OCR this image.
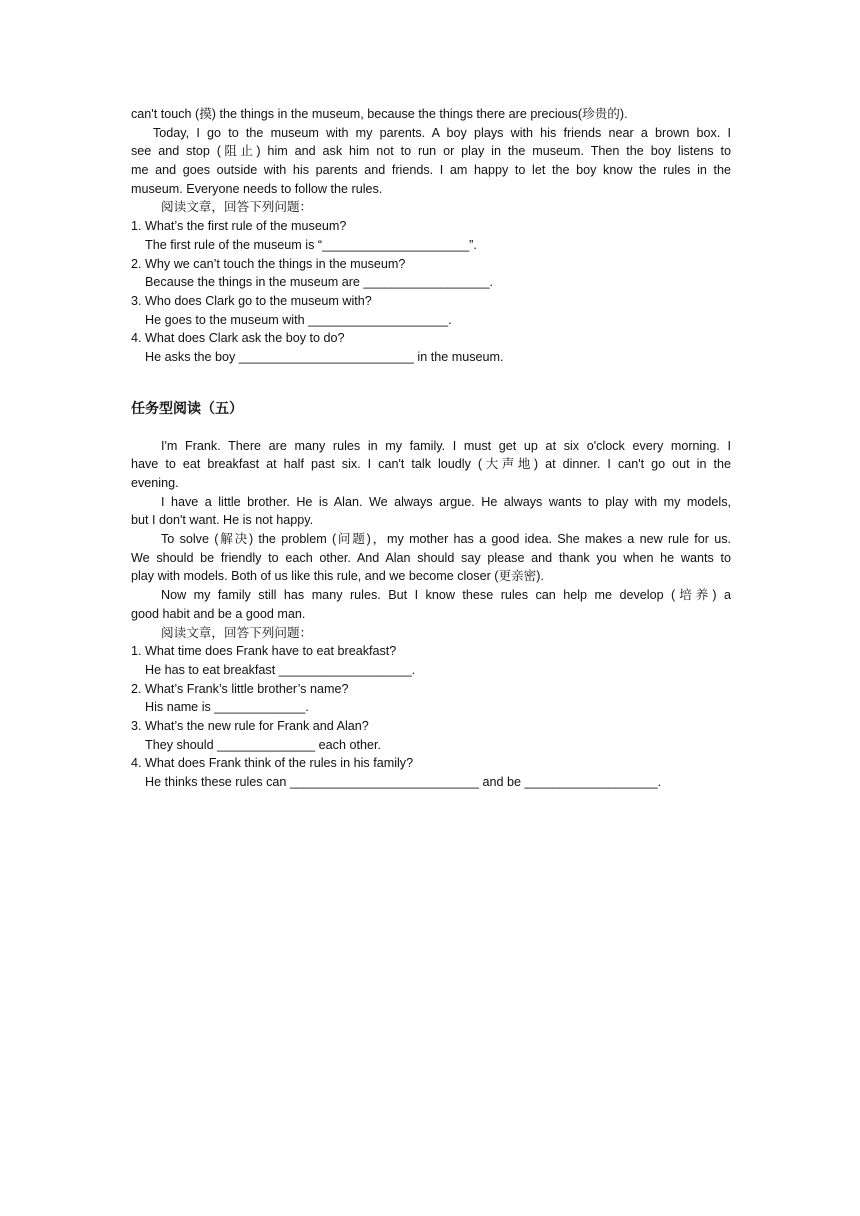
can't touch (摸) the things in the museum, because the things there are precious(珍贵的).
Today, I go to the museum with my parents. A boy plays with his friends near a brown box. I
see and stop (阻止) him and ask him not to run or play in the museum. Then the boy listens to
me and goes outside with his parents and friends. I am happy to let the boy know the rules in the
museum. Everyone needs to follow the rules.
阅读文章，回答下列问题：
1. What’s the first rule of the museum?
The first rule of the museum is “_____________________”.
2. Why we can’t touch the things in the museum?
Because the things in the museum are __________________.
3. Who does Clark go to the museum with?
He goes to the museum with ____________________.
4. What does Clark ask the boy to do?
He asks the boy _________________________ in the museum.
任务型阅读（五）
I'm Frank. There are many rules in my family. I must get up at six o'clock every morning. I
have to eat breakfast at half past six. I can't talk loudly (大声地) at dinner. I can't go out in the
evening.
I have a little brother. He is Alan. We always argue. He always wants to play with my models,
but I don't want. He is not happy.
To solve (解决) the problem (问题)，my mother has a good idea. She makes a new rule for us.
We should be friendly to each other. And Alan should say please and thank you when he wants to
play with models. Both of us like this rule, and we become closer (更亲密).
Now my family still has many rules. But I know these rules can help me develop (培养) a
good habit and be a good man.
阅读文章，回答下列问题：
1. What time does Frank have to eat breakfast?
He has to eat breakfast ___________________.
2. What’s Frank’s little brother’s name?
His name is _____________.
3. What’s the new rule for Frank and Alan?
They should ______________ each other.
4. What does Frank think of the rules in his family?
He thinks these rules can ___________________________ and be ___________________.
